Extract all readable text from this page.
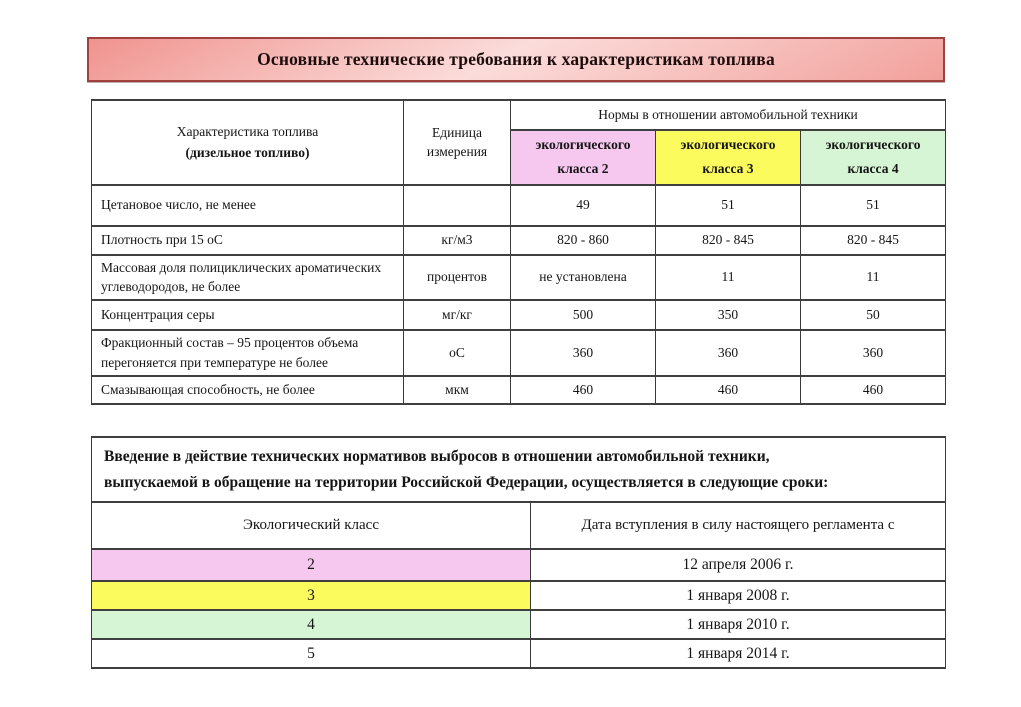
Основные технические требования к характеристикам топлива
Характеристика топлива
(дизельное топливо)	Единица измерения	Нормы в отношении автомобильной техники		
		экологического класса 2	экологического класса 3	экологического класса 4
Цетановое число, не менее		49	51	51
Плотность при 15 оС	кг/м3	820 - 860	820 - 845	820 - 845
Массовая доля полициклических ароматических углеводородов, не более	процентов	не установлена	11	11
Концентрация серы	мг/кг	500	350	50
Фракционный состав – 95 процентов объема перегоняется при температуре не более	оС	360	360	360
Смазывающая способность, не более	мкм	460	460	460
Введение в действие технических нормативов выбросов в отношении автомобильной техники,
выпускаемой в обращение на территории Российской Федерации, осуществляется в следующие сроки:	

Экологический класс	Дата вступления в силу настоящего регламента с
2	12 апреля 2006 г.
3	1 января 2008 г.
4	1 января 2010 г.
5	1 января 2014 г.
